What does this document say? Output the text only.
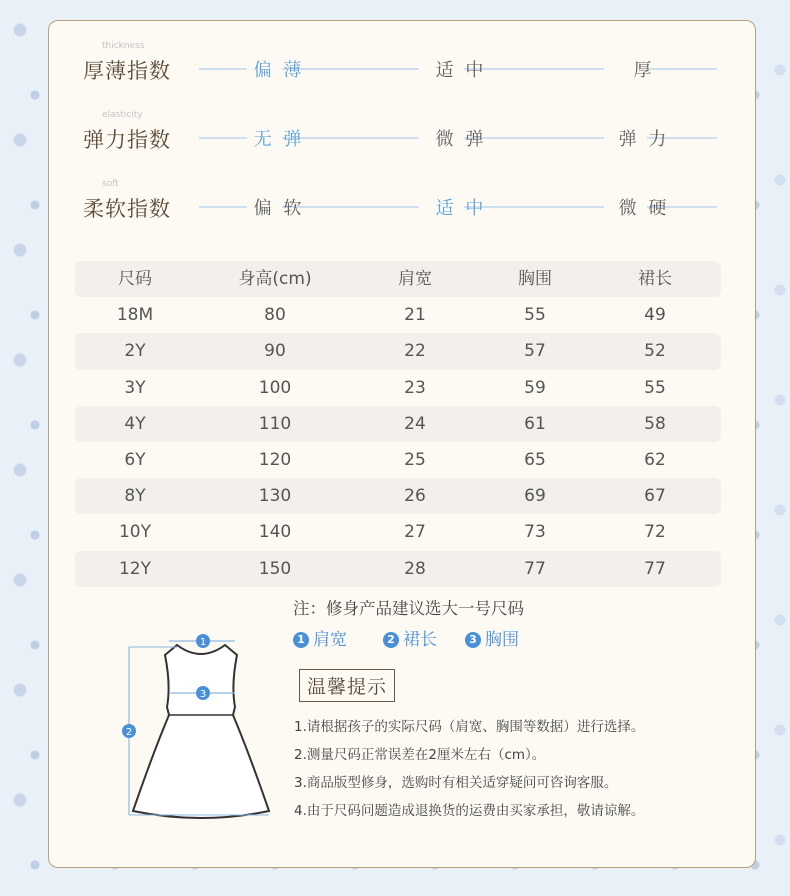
thickness
厚薄指数	偏 薄	适 中	厚
elasticity
弹力指数	无 弹	微 弹	弹 力
soft
柔软指数	偏 软	适 中	微 硬
尺码	身高(cm)	肩宽	胸围	裙长
18M	80	21	55	49
2Y	90	22	57	52
3Y	100	23	59	55
4Y	110	24	61	58
6Y	120	25	65	62
8Y	130	26	69	67
10Y	140	27	73	72
12Y	150	28	77	77
注：修身产品建议选大一号尺码
1 肩宽	2 裙长	3 胸围
1
3
2
温馨提示
1.请根据孩子的实际尺码（肩宽、胸围等数据）进行选择。
2.测量尺码正常误差在2厘米左右（cm）。
3.商品版型修身，选购时有相关适穿疑问可咨询客服。
4.由于尺码问题造成退换货的运费由买家承担，敬请谅解。
